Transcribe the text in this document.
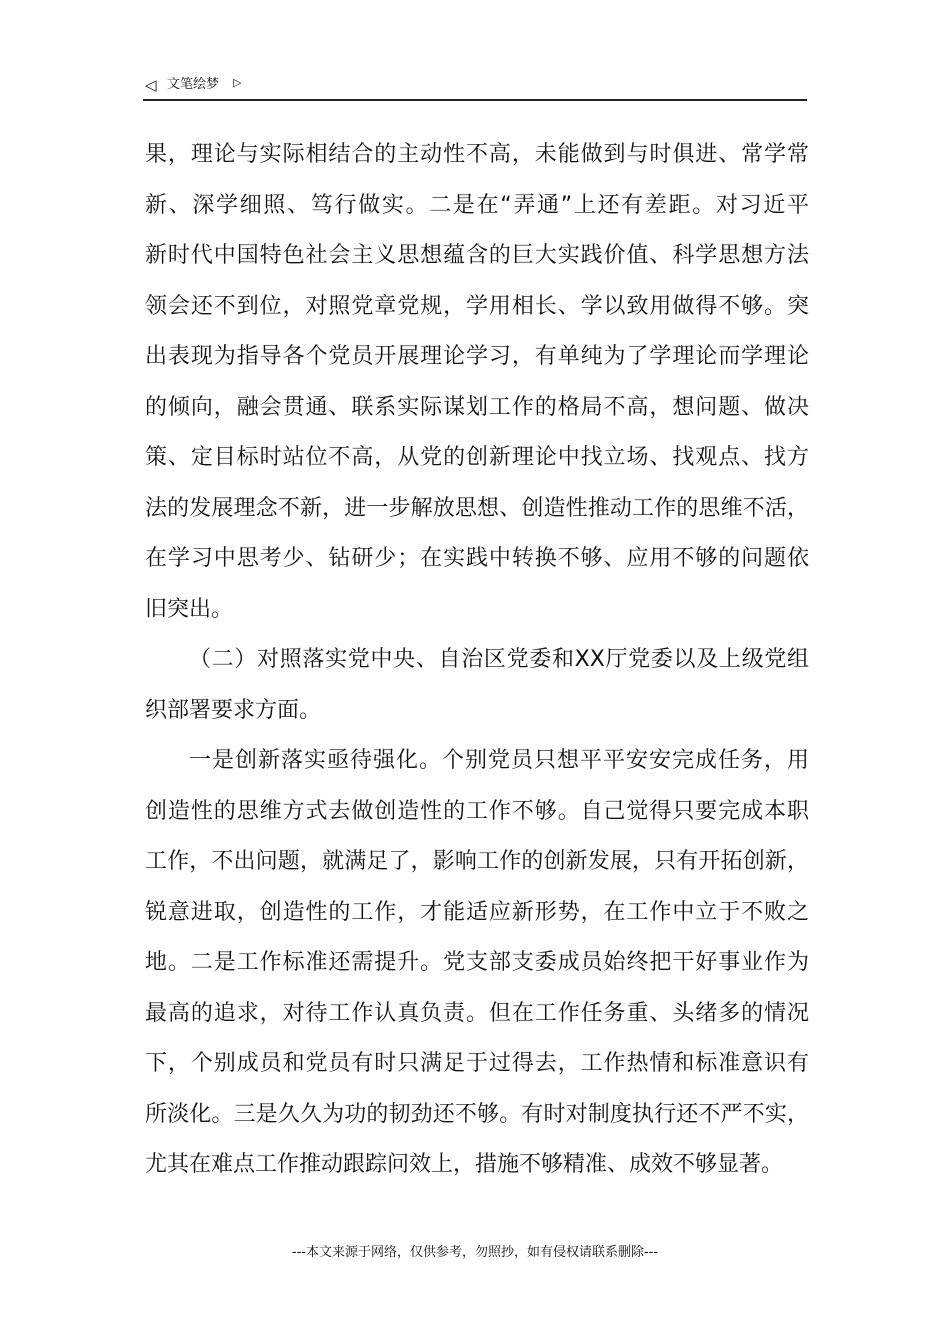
◁ 文笔绘梦 ▷
果，理论与实际相结合的主动性不高，未能做到与时俱进、常学常
新、深学细照、笃行做实。二是在“弄通”上还有差距。对习近平
新时代中国特色社会主义思想蕴含的巨大实践价值、科学思想方法
领会还不到位，对照党章党规，学用相长、学以致用做得不够。突
出表现为指导各个党员开展理论学习，有单纯为了学理论而学理论
的倾向，融会贯通、联系实际谋划工作的格局不高，想问题、做决
策、定目标时站位不高，从党的创新理论中找立场、找观点、找方
法的发展理念不新，进一步解放思想、创造性推动工作的思维不活，
在学习中思考少、钻研少；在实践中转换不够、应用不够的问题依
旧突出。
（二）对照落实党中央、自治区党委和XX厅党委以及上级党组
织部署要求方面。
一是创新落实亟待强化。个别党员只想平平安安完成任务，用
创造性的思维方式去做创造性的工作不够。自己觉得只要完成本职
工作，不出问题，就满足了，影响工作的创新发展，只有开拓创新，
锐意进取，创造性的工作，才能适应新形势，在工作中立于不败之
地。二是工作标准还需提升。党支部支委成员始终把干好事业作为
最高的追求，对待工作认真负责。但在工作任务重、头绪多的情况
下，个别成员和党员有时只满足于过得去，工作热情和标准意识有
所淡化。三是久久为功的韧劲还不够。有时对制度执行还不严不实，
尤其在难点工作推动跟踪问效上，措施不够精准、成效不够显著。
---本文来源于网络，仅供参考，勿照抄，如有侵权请联系删除---
